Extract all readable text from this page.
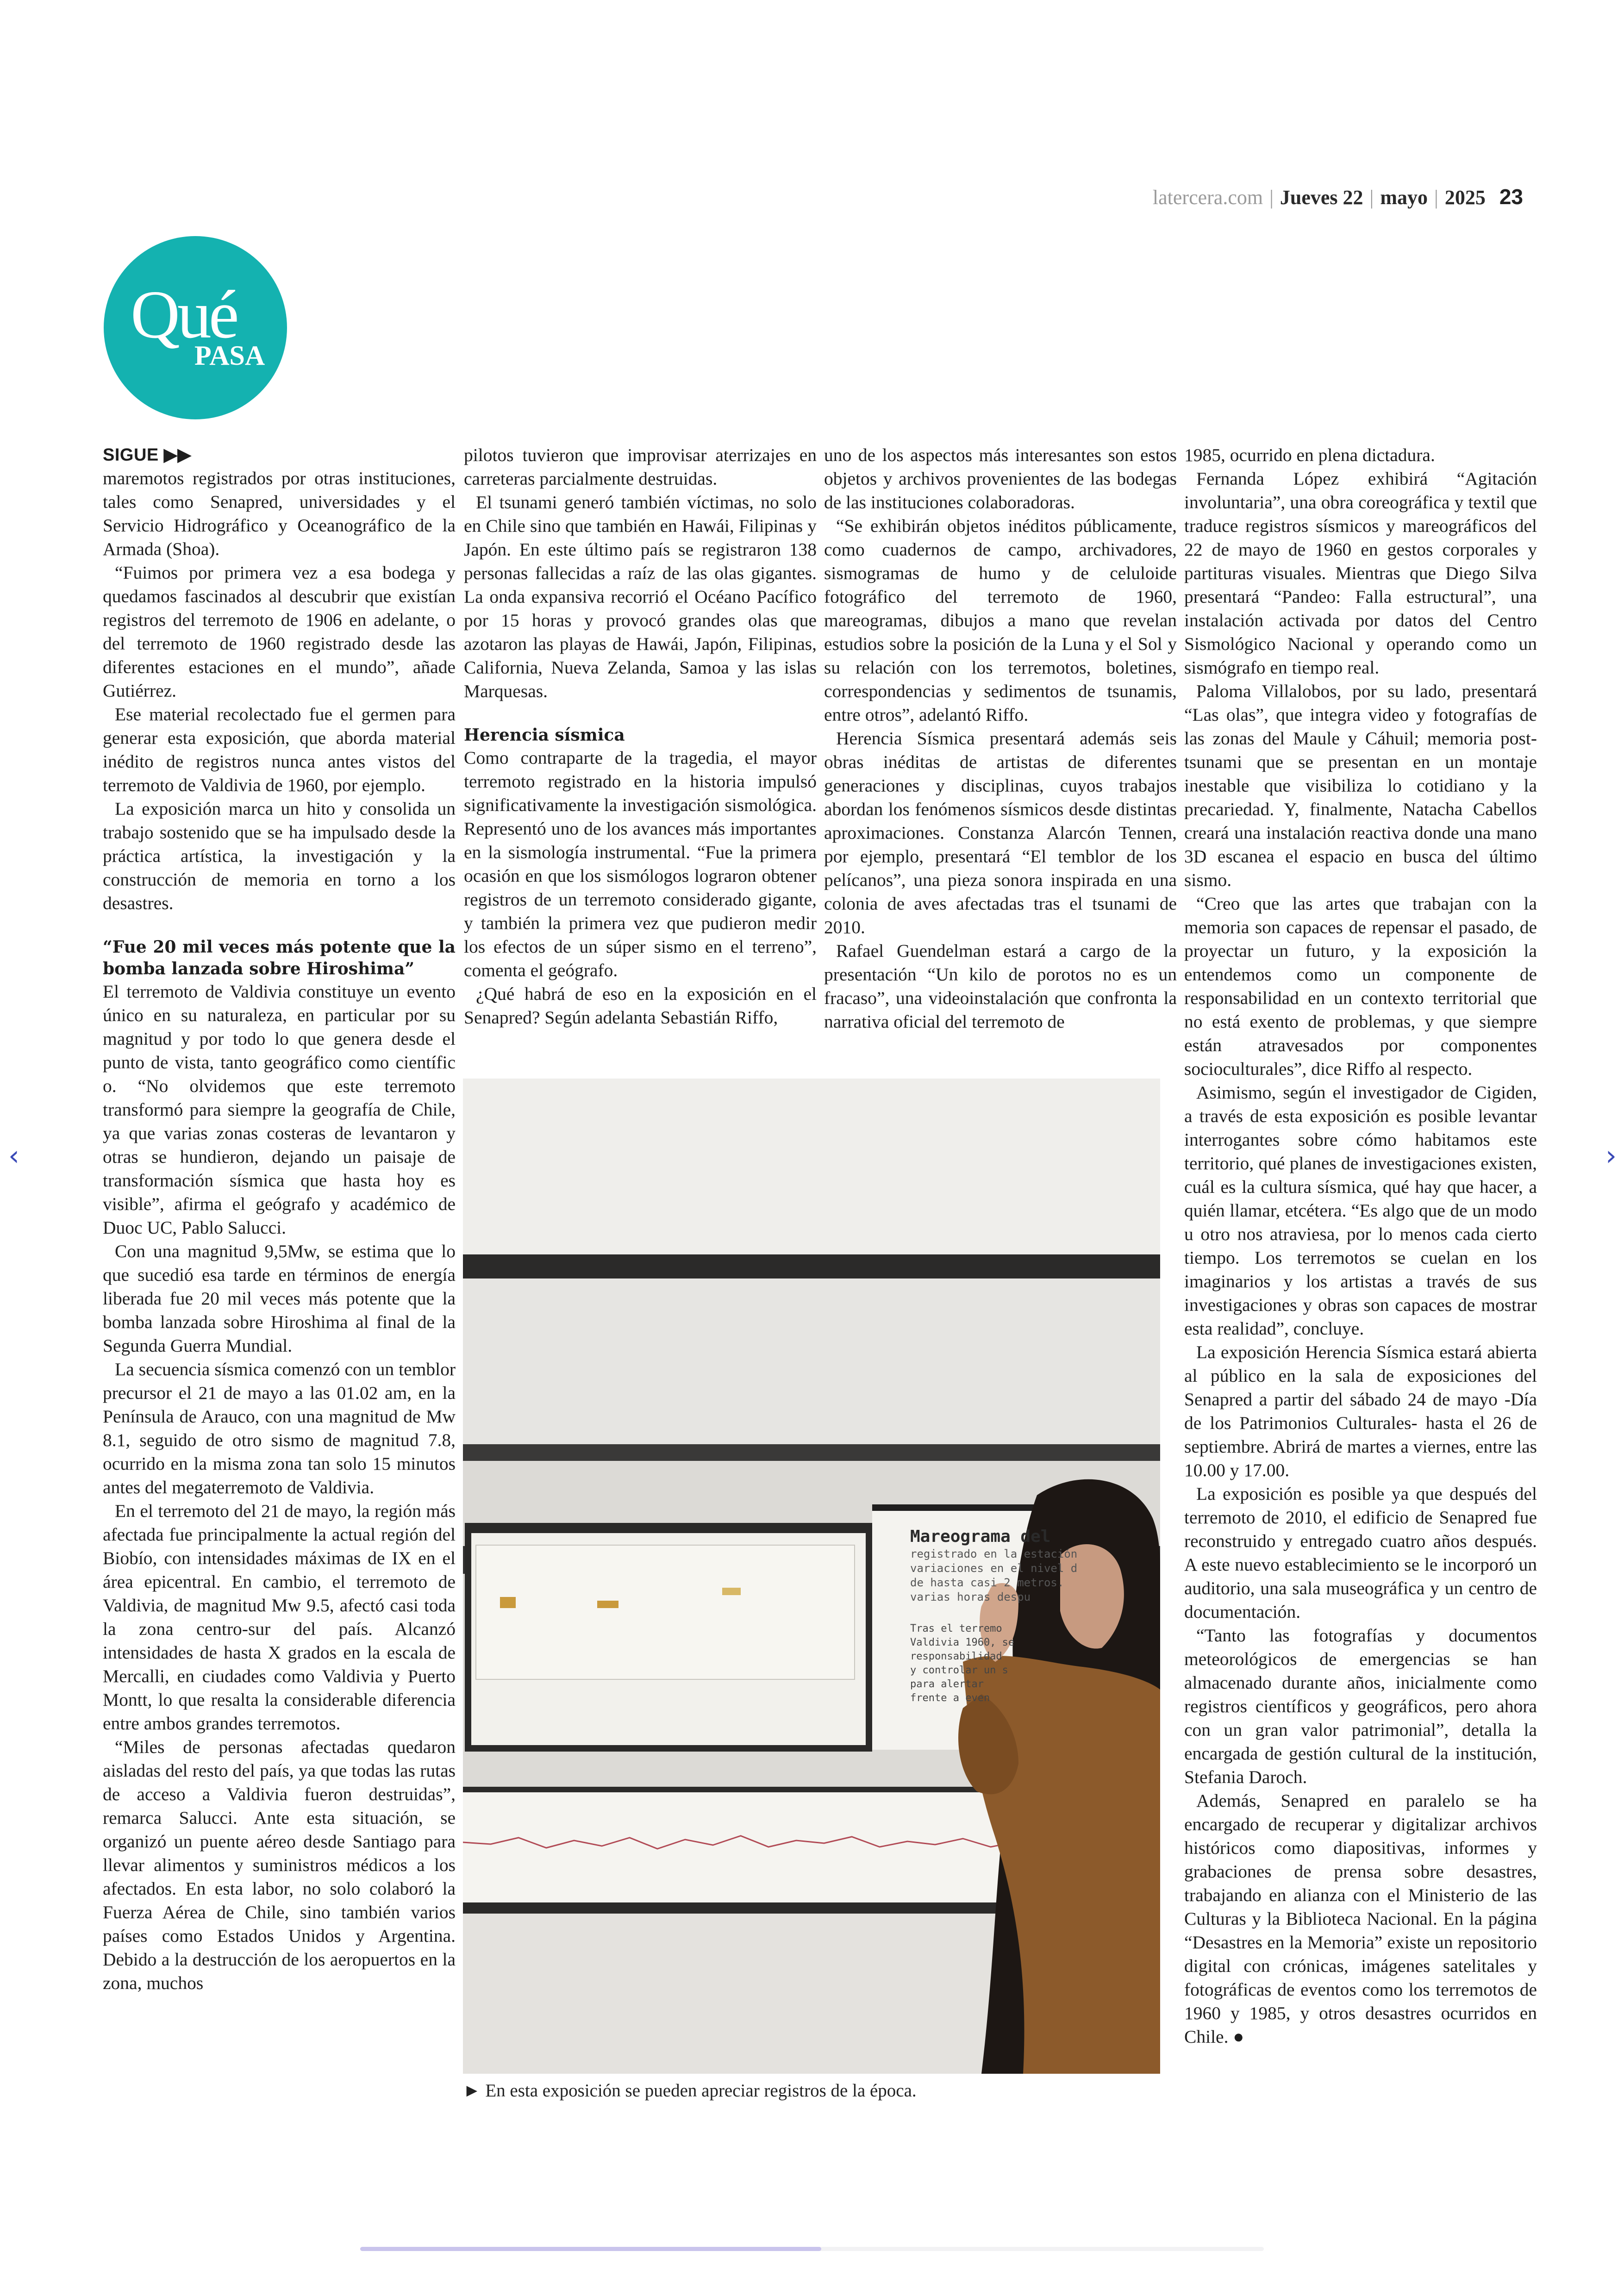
latercera.com | Jueves 22 | mayo | 2025 23
Qué
PASA
SIGUE ▶▶

maremotos registrados por otras instituciones, tales como Senapred, universidades y el Servicio Hidrográfico y Oceanográfico de la Armada (Shoa).

“Fuimos por primera vez a esa bodega y quedamos fascinados al descubrir que existían registros del terremoto de 1906 en adelante, o del terremoto de 1960 registrado desde las diferentes estaciones en el mundo”, añade Gutiérrez.

Ese material recolectado fue el germen para generar esta exposición, que aborda material inédito de registros nunca antes vistos del terremoto de Valdivia de 1960, por ejemplo.

La exposición marca un hito y consolida un trabajo sostenido que se ha impulsado desde la práctica artística, la investigación y la construcción de memoria en torno a los desastres.

“Fue 20 mil veces más potente que la bomba lanzada sobre Hiroshima”

El terremoto de Valdivia constituye un evento único en su naturaleza, en particular por su magnitud y por todo lo que genera desde el punto de vista, tanto geográfico como científic o. “No olvidemos que este terremoto transformó para siempre la geografía de Chile, ya que varias zonas costeras de levantaron y otras se hundieron, dejando un paisaje de transformación sísmica que hasta hoy es visible”, afirma el geógrafo y académico de Duoc UC, Pablo Salucci.

Con una magnitud 9,5Mw, se estima que lo que sucedió esa tarde en términos de energía liberada fue 20 mil veces más potente que la bomba lanzada sobre Hiroshima al final de la Segunda Guerra Mundial.

La secuencia sísmica comenzó con un temblor precursor el 21 de mayo a las 01.02 am, en la Península de Arauco, con una magnitud de Mw 8.1, seguido de otro sismo de magnitud 7.8, ocurrido en la misma zona tan solo 15 minutos antes del megaterremoto de Valdivia.

En el terremoto del 21 de mayo, la región más afectada fue principalmente la actual región del Biobío, con intensidades máximas de IX en el área epicentral. En cambio, el terremoto de Valdivia, de magnitud Mw 9.5, afectó casi toda la zona centro-sur del país. Alcanzó intensidades de hasta X grados en la escala de Mercalli, en ciudades como Valdivia y Puerto Montt, lo que resalta la considerable diferencia entre ambos grandes terremotos.

“Miles de personas afectadas quedaron aisladas del resto del país, ya que todas las rutas de acceso a Valdivia fueron destruidas”, remarca Salucci. Ante esta situación, se organizó un puente aéreo desde Santiago para llevar alimentos y suministros médicos a los afectados. En esta labor, no solo colaboró la Fuerza Aérea de Chile, sino también varios países como Estados Unidos y Argentina. Debido a la destrucción de los aeropuertos en la zona, muchos

pilotos tuvieron que improvisar aterrizajes en carreteras parcialmente destruidas.

El tsunami generó también víctimas, no solo en Chile sino que también en Hawái, Filipinas y Japón. En este último país se registraron 138 personas fallecidas a raíz de las olas gigantes. La onda expansiva recorrió el Océano Pacífico por 15 horas y provocó grandes olas que azotaron las playas de Hawái, Japón, Filipinas, California, Nueva Zelanda, Samoa y las islas Marquesas.

Herencia sísmica

Como contraparte de la tragedia, el mayor terremoto registrado en la historia impulsó significativamente la investigación sismológica. Representó uno de los avances más importantes en la sismología instrumental. “Fue la primera ocasión en que los sismólogos lograron obtener registros de un terremoto considerado gigante, y también la primera vez que pudieron medir los efectos de un súper sismo en el terreno”, comenta el geógrafo.

¿Qué habrá de eso en la exposición en el Senapred? Según adelanta Sebastián Riffo,

uno de los aspectos más interesantes son estos objetos y archivos provenientes de las bodegas de las instituciones colaboradoras.

“Se exhibirán objetos inéditos públicamente, como cuadernos de campo, archivadores, sismogramas de humo y de celuloide fotográfico del terremoto de 1960, mareogramas, dibujos a mano que revelan estudios sobre la posición de la Luna y el Sol y su relación con los terremotos, boletines, correspondencias y sedimentos de tsunamis, entre otros”, adelantó Riffo.

Herencia Sísmica presentará además seis obras inéditas de artistas de diferentes generaciones y disciplinas, cuyos trabajos abordan los fenómenos sísmicos desde distintas aproximaciones. Constanza Alarcón Tennen, por ejemplo, presentará “El temblor de los pelícanos”, una pieza sonora inspirada en una colonia de aves afectadas tras el tsunami de 2010.

Rafael Guendelman estará a cargo de la presentación “Un kilo de porotos no es un fracaso”, una videoinstalación que confronta la narrativa oficial del terremoto de

1985, ocurrido en plena dictadura.

Fernanda López exhibirá “Agitación involuntaria”, una obra coreográfica y textil que traduce registros sísmicos y mareográficos del 22 de mayo de 1960 en gestos corporales y partituras visuales. Mientras que Diego Silva presentará “Pandeo: Falla estructural”, una instalación activada por datos del Centro Sismológico Nacional y operando como un sismógrafo en tiempo real.

Paloma Villalobos, por su lado, presentará “Las olas”, que integra video y fotografías de las zonas del Maule y Cáhuil; memoria post-tsunami que se presentan en un montaje inestable que visibiliza lo cotidiano y la precariedad. Y, finalmente, Natacha Cabellos creará una instalación reactiva donde una mano 3D escanea el espacio en busca del último sismo.

“Creo que las artes que trabajan con la memoria son capaces de repensar el pasado, de proyectar un futuro, y la exposición la entendemos como un componente de responsabilidad en un contexto territorial que no está exento de problemas, y que siempre están atravesados por componentes socioculturales”, dice Riffo al respecto.

Asimismo, según el investigador de Cigiden, a través de esta exposición es posible levantar interrogantes sobre cómo habitamos este territorio, qué planes de investigaciones existen, cuál es la cultura sísmica, qué hay que hacer, a quién llamar, etcétera. “Es algo que de un modo u otro nos atraviesa, por lo menos cada cierto tiempo. Los terremotos se cuelan en los imaginarios y los artistas a través de sus investigaciones y obras son capaces de mostrar esta realidad”, concluye.

La exposición Herencia Sísmica estará abierta al público en la sala de exposiciones del Senapred a partir del sábado 24 de mayo -Día de los Patrimonios Culturales- hasta el 26 de septiembre. Abrirá de martes a viernes, entre las 10.00 y 17.00.

La exposición es posible ya que después del terremoto de 2010, el edificio de Senapred fue reconstruido y entregado cuatro años después. A este nuevo establecimiento se le incorporó un auditorio, una sala museográfica y un centro de documentación.

“Tanto las fotografías y documentos meteorológicos de emergencias se han almacenado durante años, inicialmente como registros científicos y geográficos, pero ahora con un gran valor patrimonial”, detalla la encargada de gestión cultural de la institución, Stefania Daroch.

Además, Senapred en paralelo se ha encargado de recuperar y digitalizar archivos históricos como diapositivas, informes y grabaciones de prensa sobre desastres, trabajando en alianza con el Ministerio de las Culturas y la Biblioteca Nacional. En la página “Desastres en la Memoria” existe un repositorio digital con crónicas, imágenes satelitales y fotográficas de eventos como los terremotos de 1960 y 1985, y otros desastres ocurridos en Chile. ●

Mareograma del
registrado en la estación
variaciones en el nivel d
de hasta casi 2 metros.
varias horas despu
Tras el terremo
Valdivia 1960, se
responsabilidad
y controlar un s
para alertar
frente a even
► En esta exposición se pueden apreciar registros de la época.
‹	›
